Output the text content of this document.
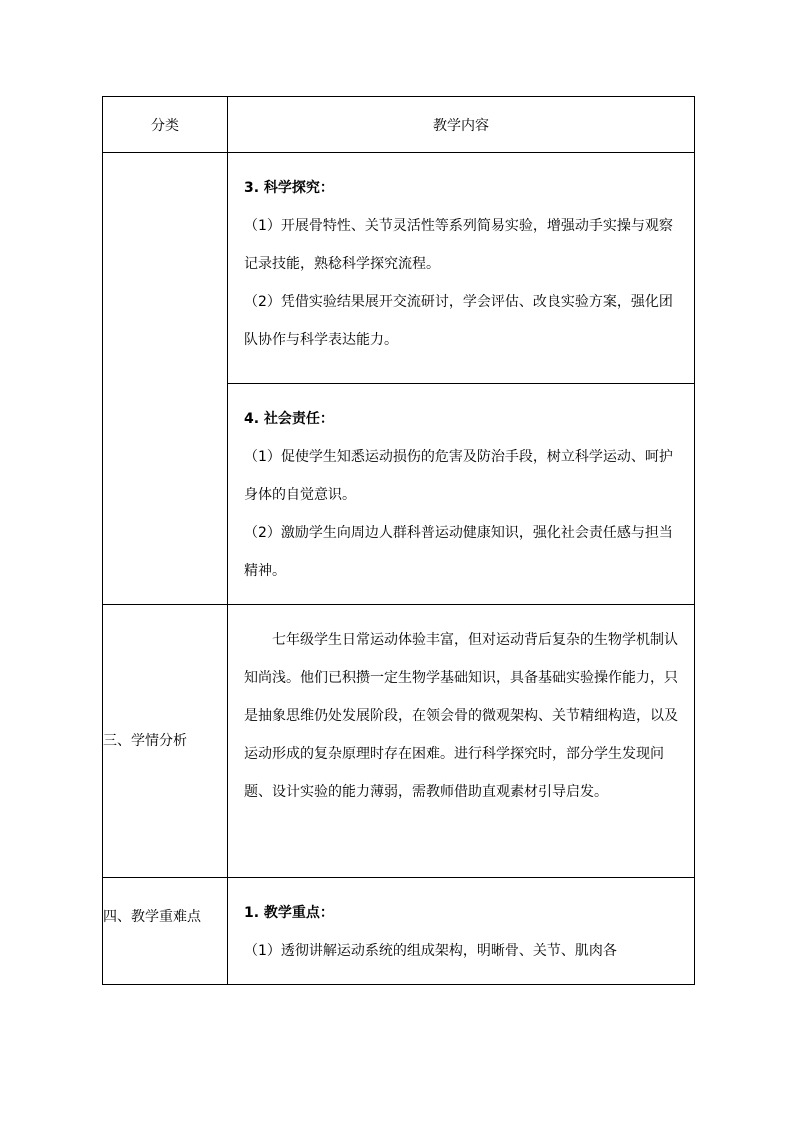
分类	教学内容

	3. 科学探究：

（1）开展骨特性、关节灵活性等系列简易实验，增强动手实操与观察记录技能，熟稔科学探究流程。

（2）凭借实验结果展开交流研讨，学会评估、改良实验方案，强化团队协作与科学表达能力。

	4. 社会责任：

（1）促使学生知悉运动损伤的危害及防治手段，树立科学运动、呵护身体的自觉意识。

（2）激励学生向周边人群科普运动健康知识，强化社会责任感与担当精神。

三、学情分析	七年级学生日常运动体验丰富，但对运动背后复杂的生物学机制认知尚浅。他们已积攒一定生物学基础知识，具备基础实验操作能力，只是抽象思维仍处发展阶段，在领会骨的微观架构、关节精细构造，以及运动形成的复杂原理时存在困难。进行科学探究时，部分学生发现问题、设计实验的能力薄弱，需教师借助直观素材引导启发。

四、教学重难点	1. 教学重点：

（1）透彻讲解运动系统的组成架构，明晰骨、关节、肌肉各
